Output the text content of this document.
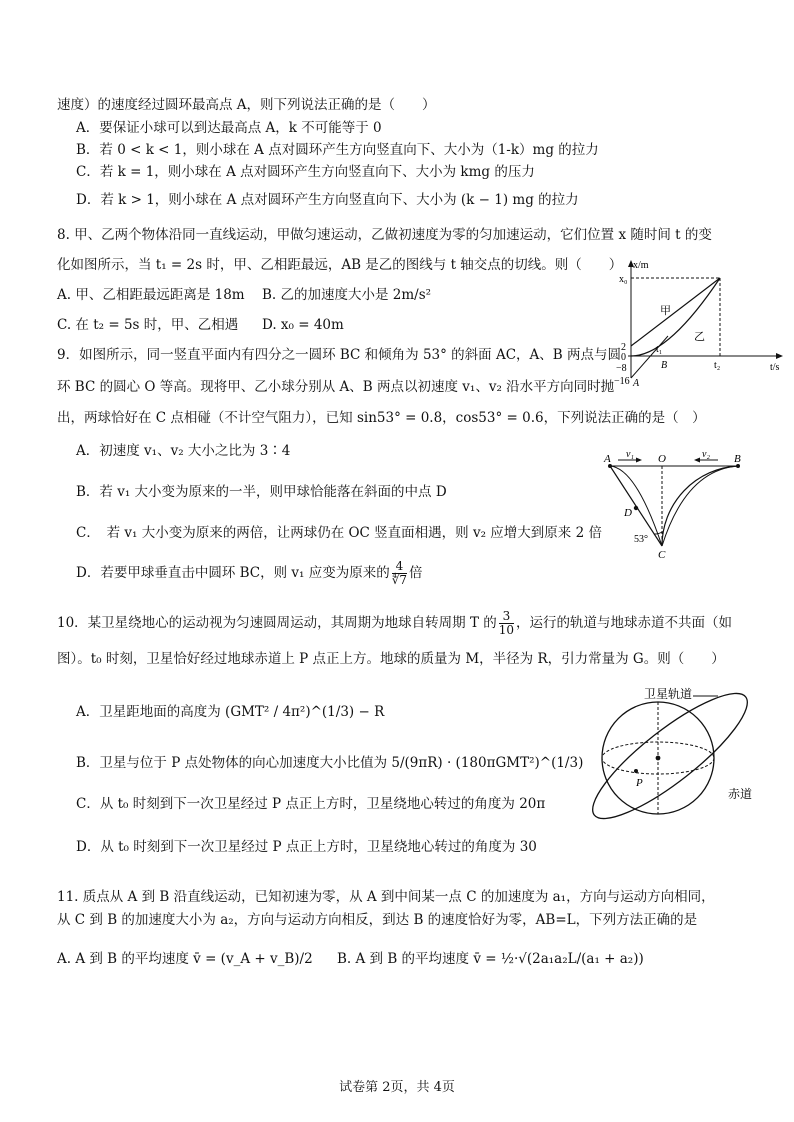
速度）的速度经过圆环最高点 A，则下列说法正确的是（　　）
A．要保证小球可以到达最高点 A，k 不可能等于 0
B．若 0 < k < 1，则小球在 A 点对圆环产生方向竖直向下、大小为（1-k）mg 的拉力
C．若 k = 1，则小球在 A 点对圆环产生方向竖直向下、大小为 kmg 的压力
D．若 k > 1，则小球在 A 点对圆环产生方向竖直向下、大小为 (k − 1) mg 的拉力
8. 甲、乙两个物体沿同一直线运动，甲做匀速运动，乙做初速度为零的匀加速运动，它们位置 x 随时间 t 的变
化如图所示，当 t₁ = 2s 时，甲、乙相距最远，AB 是乙的图线与 t 轴交点的切线。则（　　）
A. 甲、乙相距最远距离是 18m B. 乙的加速度大小是 2m/s²
C. 在 t₂ = 5s 时，甲、乙相遇 D. x₀ = 40m
x/m
t/s
x₀
2
0
−8
−16
t₁
t₂
甲
乙
A
B
9．如图所示，同一竖直平面内有四分之一圆环 BC 和倾角为 53° 的斜面 AC，A、B 两点与圆
环 BC 的圆心 O 等高。现将甲、乙小球分别从 A、B 两点以初速度 v₁、v₂ 沿水平方向同时抛
出，两球恰好在 C 点相碰（不计空气阻力），已知 sin53° = 0.8，cos53° = 0.6，下列说法正确的是（　）
A．初速度 v₁、v₂ 大小之比为 3∶4
B．若 v₁ 大小变为原来的一半，则甲球恰能落在斜面的中点 D
C．　若 v₁ 大小变为原来的两倍，让两球仍在 OC 竖直面相遇，则 v₂ 应增大到原来 2 倍
D．若要甲球垂直击中圆环 BC，则 v₁ 应变为原来的 $\frac{4}{∜7}$ 倍
A	O	B
C
D
v₁	v₂
53°
10．某卫星绕地心的运动视为匀速圆周运动，其周期为地球自转周期 T 的 $\frac{3}{10}$ ，运行的轨道与地球赤道不共面（如
图）。t₀ 时刻，卫星恰好经过地球赤道上 P 点正上方。地球的质量为 M，半径为 R，引力常量为 G。则（　　）
A．卫星距地面的高度为 (GMT² / 4π²)^(1/3) − R
B．卫星与位于 P 点处物体的向心加速度大小比值为 5/(9πR) · (180πGMT²)^(1/3)
C．从 t₀ 时刻到下一次卫星经过 P 点正上方时，卫星绕地心转过的角度为 20π
D．从 t₀ 时刻到下一次卫星经过 P 点正上方时，卫星绕地心转过的角度为 30
P
卫星轨道
赤道
11. 质点从 A 到 B 沿直线运动，已知初速为零，从 A 到中间某一点 C 的加速度为 a₁，方向与运动方向相同，
从 C 到 B 的加速度大小为 a₂，方向与运动方向相反，到达 B 的速度恰好为零，AB=L，下列方法正确的是
A. A 到 B 的平均速度 v̄ = (v_A + v_B)/2 B. A 到 B 的平均速度 v̄ = ½·√(2a₁a₂L/(a₁ + a₂))
试卷第 2页，共 4页
